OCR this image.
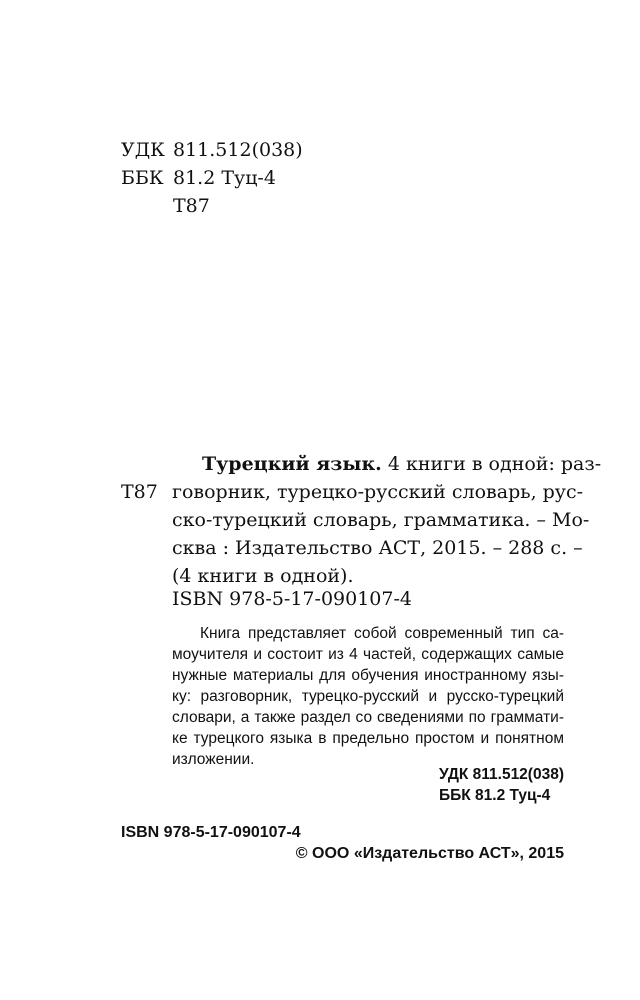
УДК 811.512(038)
ББК 81.2 Туц-4
Т87
Т87
Турецкий язык. 4 книги в одной: раз-
говорник, турецко-русский словарь, рус-
ско-турецкий словарь, грамматика. – Мо-
сква : Издательство АСТ, 2015. – 288 с. –
(4 книги в одной).
ISBN 978-5-17-090107-4
Книга представляет собой современный тип са-
моучителя и состоит из 4 частей, содержащих самые
нужные материалы для обучения иностранному язы-
ку: разговорник, турецко-русский и русско-турецкий
словари, а также раздел со сведениями по граммати-
ке турецкого языка в предельно простом и понятном
изложении.
УДК 811.512(038)
ББК 81.2 Туц-4
ISBN 978-5-17-090107-4
© ООО «Издательство АСТ», 2015
